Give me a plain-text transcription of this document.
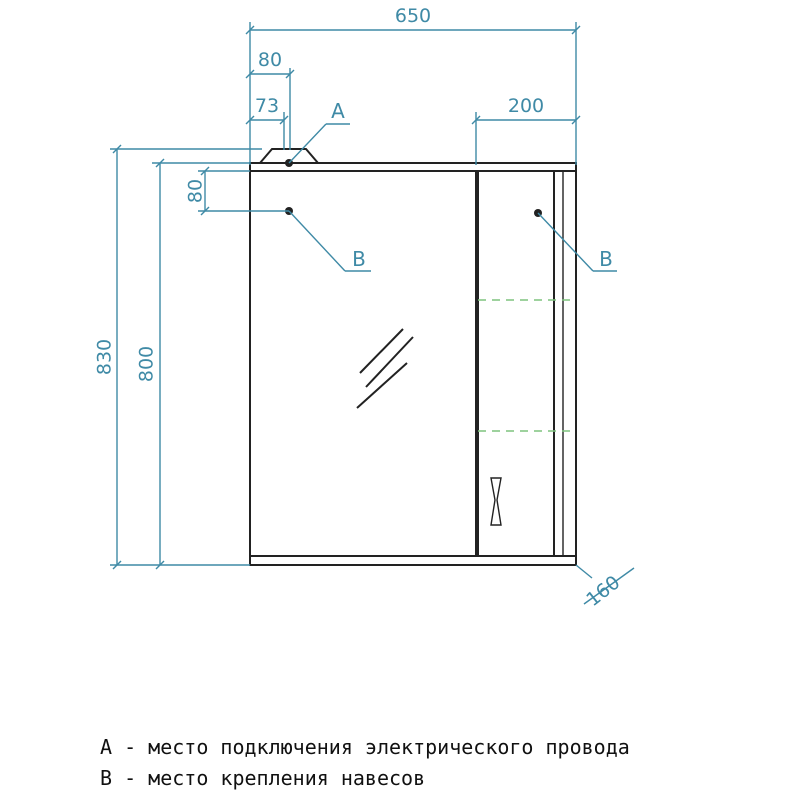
650
80
73	200
80
830 800
160
A
B	B
А - место подключения электрического провода
В - место крепления навесов
